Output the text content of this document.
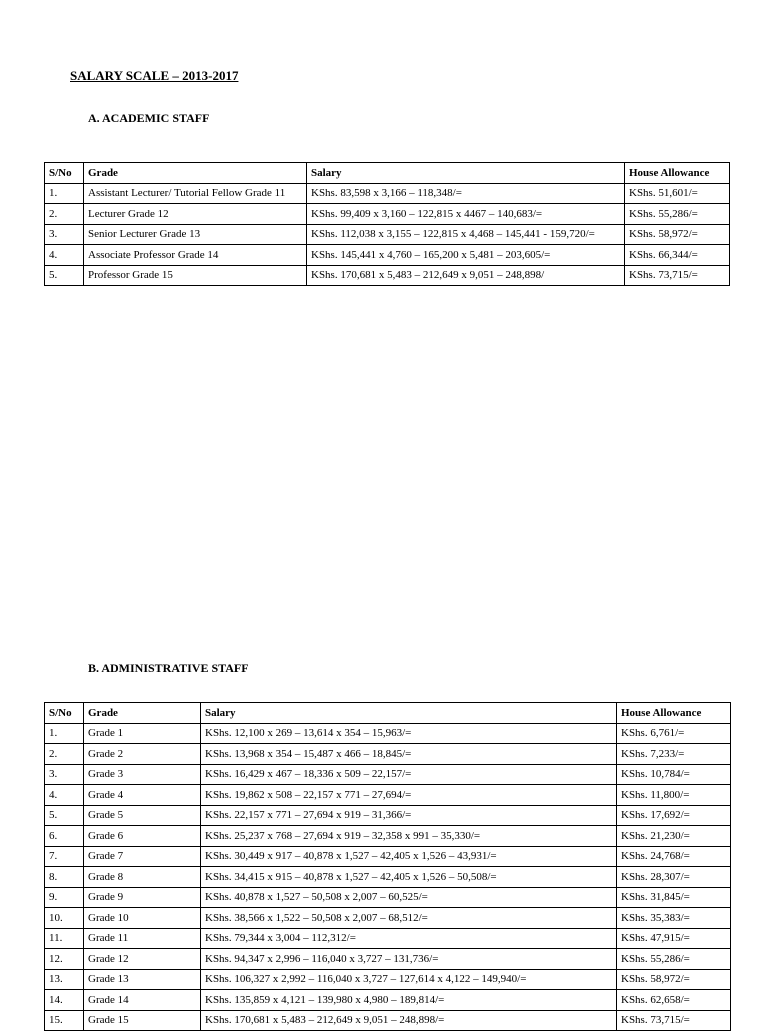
SALARY SCALE – 2013-2017
A. ACADEMIC STAFF
S/No	Grade	Salary	House Allowance
1.	Assistant Lecturer/ Tutorial Fellow Grade 11	KShs. 83,598 x 3,166 – 118,348/=	KShs. 51,601/=
2.	Lecturer Grade 12	KShs. 99,409 x 3,160 – 122,815 x 4467 – 140,683/=	KShs. 55,286/=
3.	Senior Lecturer Grade 13	KShs. 112,038 x 3,155 – 122,815 x 4,468 – 145,441 - 159,720/=	KShs. 58,972/=
4.	Associate Professor Grade 14	KShs. 145,441 x 4,760 – 165,200 x 5,481 – 203,605/=	KShs. 66,344/=
5.	Professor Grade 15	KShs. 170,681 x 5,483 – 212,649 x 9,051 – 248,898/	KShs. 73,715/=
B. ADMINISTRATIVE STAFF
S/No	Grade	Salary	House Allowance
1.	Grade 1	KShs. 12,100 x 269 – 13,614 x 354 – 15,963/=	KShs. 6,761/=
2.	Grade 2	KShs. 13,968 x 354 – 15,487 x 466 – 18,845/=	KShs. 7,233/=
3.	Grade 3	KShs. 16,429 x 467 – 18,336 x 509 – 22,157/=	KShs. 10,784/=
4.	Grade 4	KShs. 19,862 x 508 – 22,157 x 771 – 27,694/=	KShs. 11,800/=
5.	Grade 5	KShs. 22,157 x 771 – 27,694 x 919 – 31,366/=	KShs. 17,692/=
6.	Grade 6	KShs. 25,237 x 768 – 27,694 x 919 – 32,358 x 991 – 35,330/=	KShs. 21,230/=
7.	Grade 7	KShs. 30,449 x 917 – 40,878 x 1,527 – 42,405 x 1,526 – 43,931/=	KShs. 24,768/=
8.	Grade 8	KShs. 34,415 x 915 – 40,878 x 1,527 – 42,405 x 1,526 – 50,508/=	KShs. 28,307/=
9.	Grade 9	KShs. 40,878 x 1,527 – 50,508 x 2,007 – 60,525/=	KShs. 31,845/=
10.	Grade 10	KShs. 38,566 x 1,522 – 50,508 x 2,007 – 68,512/=	KShs. 35,383/=
11.	Grade 11	KShs. 79,344 x 3,004 – 112,312/=	KShs. 47,915/=
12.	Grade 12	KShs. 94,347 x 2,996 – 116,040 x 3,727 – 131,736/=	KShs. 55,286/=
13.	Grade 13	KShs. 106,327 x 2,992 – 116,040 x 3,727 – 127,614 x 4,122 – 149,940/=	KShs. 58,972/=
14.	Grade 14	KShs. 135,859 x 4,121 – 139,980 x 4,980 – 189,814/=	KShs. 62,658/=
15.	Grade 15	KShs. 170,681 x 5,483 – 212,649 x 9,051 – 248,898/=	KShs. 73,715/=
